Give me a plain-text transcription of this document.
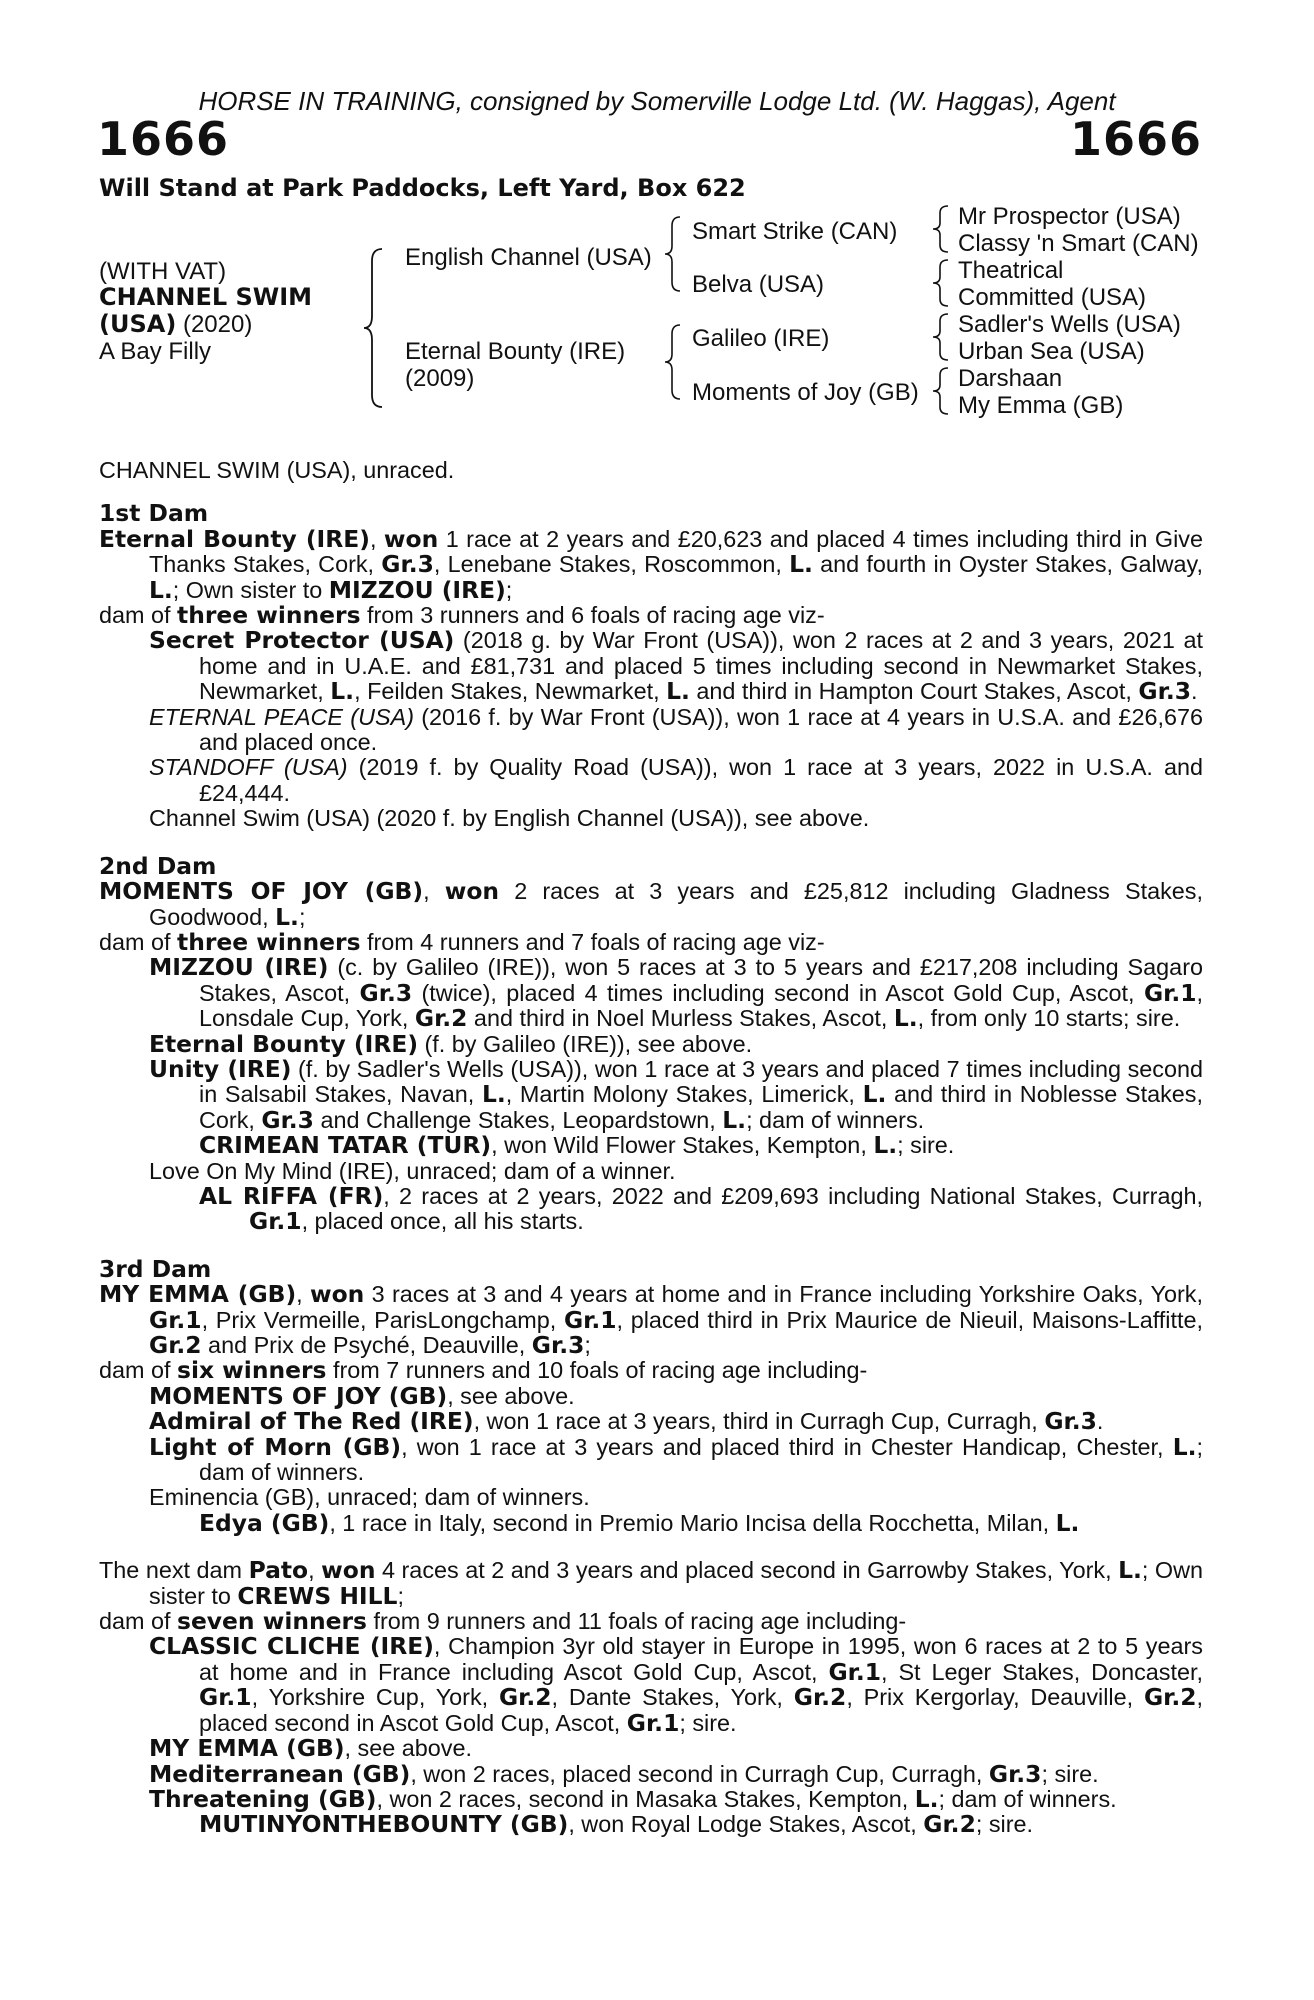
HORSE IN TRAINING, consigned by Somerville Lodge Ltd. (W. Haggas), Agent
1666	1666
Will Stand at Park Paddocks, Left Yard, Box 622
(WITH VAT)
CHANNEL SWIM
(USA) (2020)
A Bay Filly
English Channel (USA)
Eternal Bounty (IRE)
(2009)
Smart Strike (CAN)
Belva (USA)
Galileo (IRE)
Moments of Joy (GB)
Mr Prospector (USA)
Classy 'n Smart (CAN)
Theatrical
Committed (USA)
Sadler's Wells (USA)
Urban Sea (USA)
Darshaan
My Emma (GB)

CHANNEL SWIM (USA), unraced.

1st Dam

Eternal Bounty (IRE), won 1 race at 2 years and £20,623 and placed 4 times including third in Give Thanks Stakes, Cork, Gr.3, Lenebane Stakes, Roscommon, L. and fourth in Oyster Stakes, Galway, L.; Own sister to MIZZOU (IRE);

dam of three winners from 3 runners and 6 foals of racing age viz-

Secret Protector (USA) (2018 g. by War Front (USA)), won 2 races at 2 and 3 years, 2021 at home and in U.A.E. and £81,731 and placed 5 times including second in Newmarket Stakes, Newmarket, L., Feilden Stakes, Newmarket, L. and third in Hampton Court Stakes, Ascot, Gr.3.

ETERNAL PEACE (USA) (2016 f. by War Front (USA)), won 1 race at 4 years in U.S.A. and £26,676 and placed once.

STANDOFF (USA) (2019 f. by Quality Road (USA)), won 1 race at 3 years, 2022 in U.S.A. and £24,444.

Channel Swim (USA) (2020 f. by English Channel (USA)), see above.

2nd Dam

MOMENTS OF JOY (GB), won 2 races at 3 years and £25,812 including Gladness Stakes, Goodwood, L.;

dam of three winners from 4 runners and 7 foals of racing age viz-

MIZZOU (IRE) (c. by Galileo (IRE)), won 5 races at 3 to 5 years and £217,208 including Sagaro Stakes, Ascot, Gr.3 (twice), placed 4 times including second in Ascot Gold Cup, Ascot, Gr.1, Lonsdale Cup, York, Gr.2 and third in Noel Murless Stakes, Ascot, L., from only 10 starts; sire.

Eternal Bounty (IRE) (f. by Galileo (IRE)), see above.

Unity (IRE) (f. by Sadler's Wells (USA)), won 1 race at 3 years and placed 7 times including second in Salsabil Stakes, Navan, L., Martin Molony Stakes, Limerick, L. and third in Noblesse Stakes, Cork, Gr.3 and Challenge Stakes, Leopardstown, L.; dam of winners.

CRIMEAN TATAR (TUR), won Wild Flower Stakes, Kempton, L.; sire.

Love On My Mind (IRE), unraced; dam of a winner.

AL RIFFA (FR), 2 races at 2 years, 2022 and £209,693 including National Stakes, Curragh, Gr.1, placed once, all his starts.

3rd Dam

MY EMMA (GB), won 3 races at 3 and 4 years at home and in France including Yorkshire Oaks, York, Gr.1, Prix Vermeille, ParisLongchamp, Gr.1, placed third in Prix Maurice de Nieuil, Maisons-Laffitte, Gr.2 and Prix de Psyché, Deauville, Gr.3;

dam of six winners from 7 runners and 10 foals of racing age including-

MOMENTS OF JOY (GB), see above.

Admiral of The Red (IRE), won 1 race at 3 years, third in Curragh Cup, Curragh, Gr.3.

Light of Morn (GB), won 1 race at 3 years and placed third in Chester Handicap, Chester, L.; dam of winners.

Eminencia (GB), unraced; dam of winners.

Edya (GB), 1 race in Italy, second in Premio Mario Incisa della Rocchetta, Milan, L.

The next dam Pato, won 4 races at 2 and 3 years and placed second in Garrowby Stakes, York, L.; Own sister to CREWS HILL;

dam of seven winners from 9 runners and 11 foals of racing age including-

CLASSIC CLICHE (IRE), Champion 3yr old stayer in Europe in 1995, won 6 races at 2 to 5 years at home and in France including Ascot Gold Cup, Ascot, Gr.1, St Leger Stakes, Doncaster, Gr.1, Yorkshire Cup, York, Gr.2, Dante Stakes, York, Gr.2, Prix Kergorlay, Deauville, Gr.2, placed second in Ascot Gold Cup, Ascot, Gr.1; sire.

MY EMMA (GB), see above.

Mediterranean (GB), won 2 races, placed second in Curragh Cup, Curragh, Gr.3; sire.

Threatening (GB), won 2 races, second in Masaka Stakes, Kempton, L.; dam of winners.

MUTINYONTHEBOUNTY (GB), won Royal Lodge Stakes, Ascot, Gr.2; sire.
